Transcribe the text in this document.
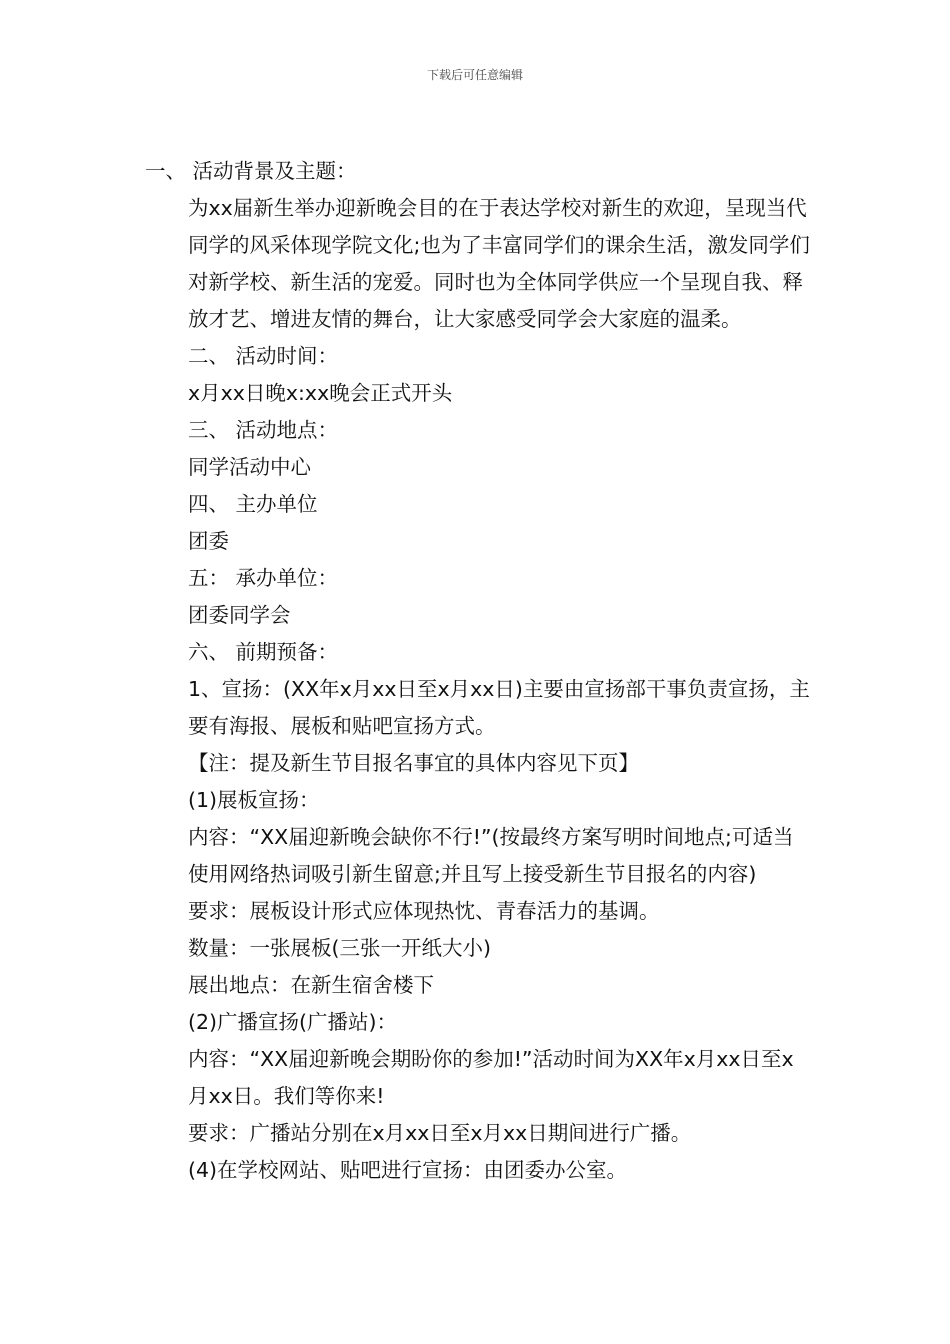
下载后可任意编辑

一、 活动背景及主题：

为xx届新生举办迎新晚会目的在于表达学校对新生的欢迎，呈现当代同学的风采体现学院文化;也为了丰富同学们的课余生活，激发同学们对新学校、新生活的宠爱。同时也为全体同学供应一个呈现自我、释放才艺、增进友情的舞台，让大家感受同学会大家庭的温柔。

二、 活动时间：

x月xx日晚x:xx晚会正式开头

三、 活动地点：

同学活动中心

四、 主办单位

团委

五： 承办单位：

团委同学会

六、 前期预备：

1、宣扬：(XX年x月xx日至x月xx日)主要由宣扬部干事负责宣扬，主要有海报、展板和贴吧宣扬方式。

【注：提及新生节目报名事宜的具体内容见下页】

(1)展板宣扬：

内容：“XX届迎新晚会缺你不行!”(按最终方案写明时间地点;可适当使用网络热词吸引新生留意;并且写上接受新生节目报名的内容)

要求：展板设计形式应体现热忱、青春活力的基调。

数量：一张展板(三张一开纸大小)

展出地点：在新生宿舍楼下

(2)广播宣扬(广播站)：

内容：“XX届迎新晚会期盼你的参加!”活动时间为XX年x月xx日至x月xx日。我们等你来!

要求：广播站分别在x月xx日至x月xx日期间进行广播。

(4)在学校网站、贴吧进行宣扬：由团委办公室。
